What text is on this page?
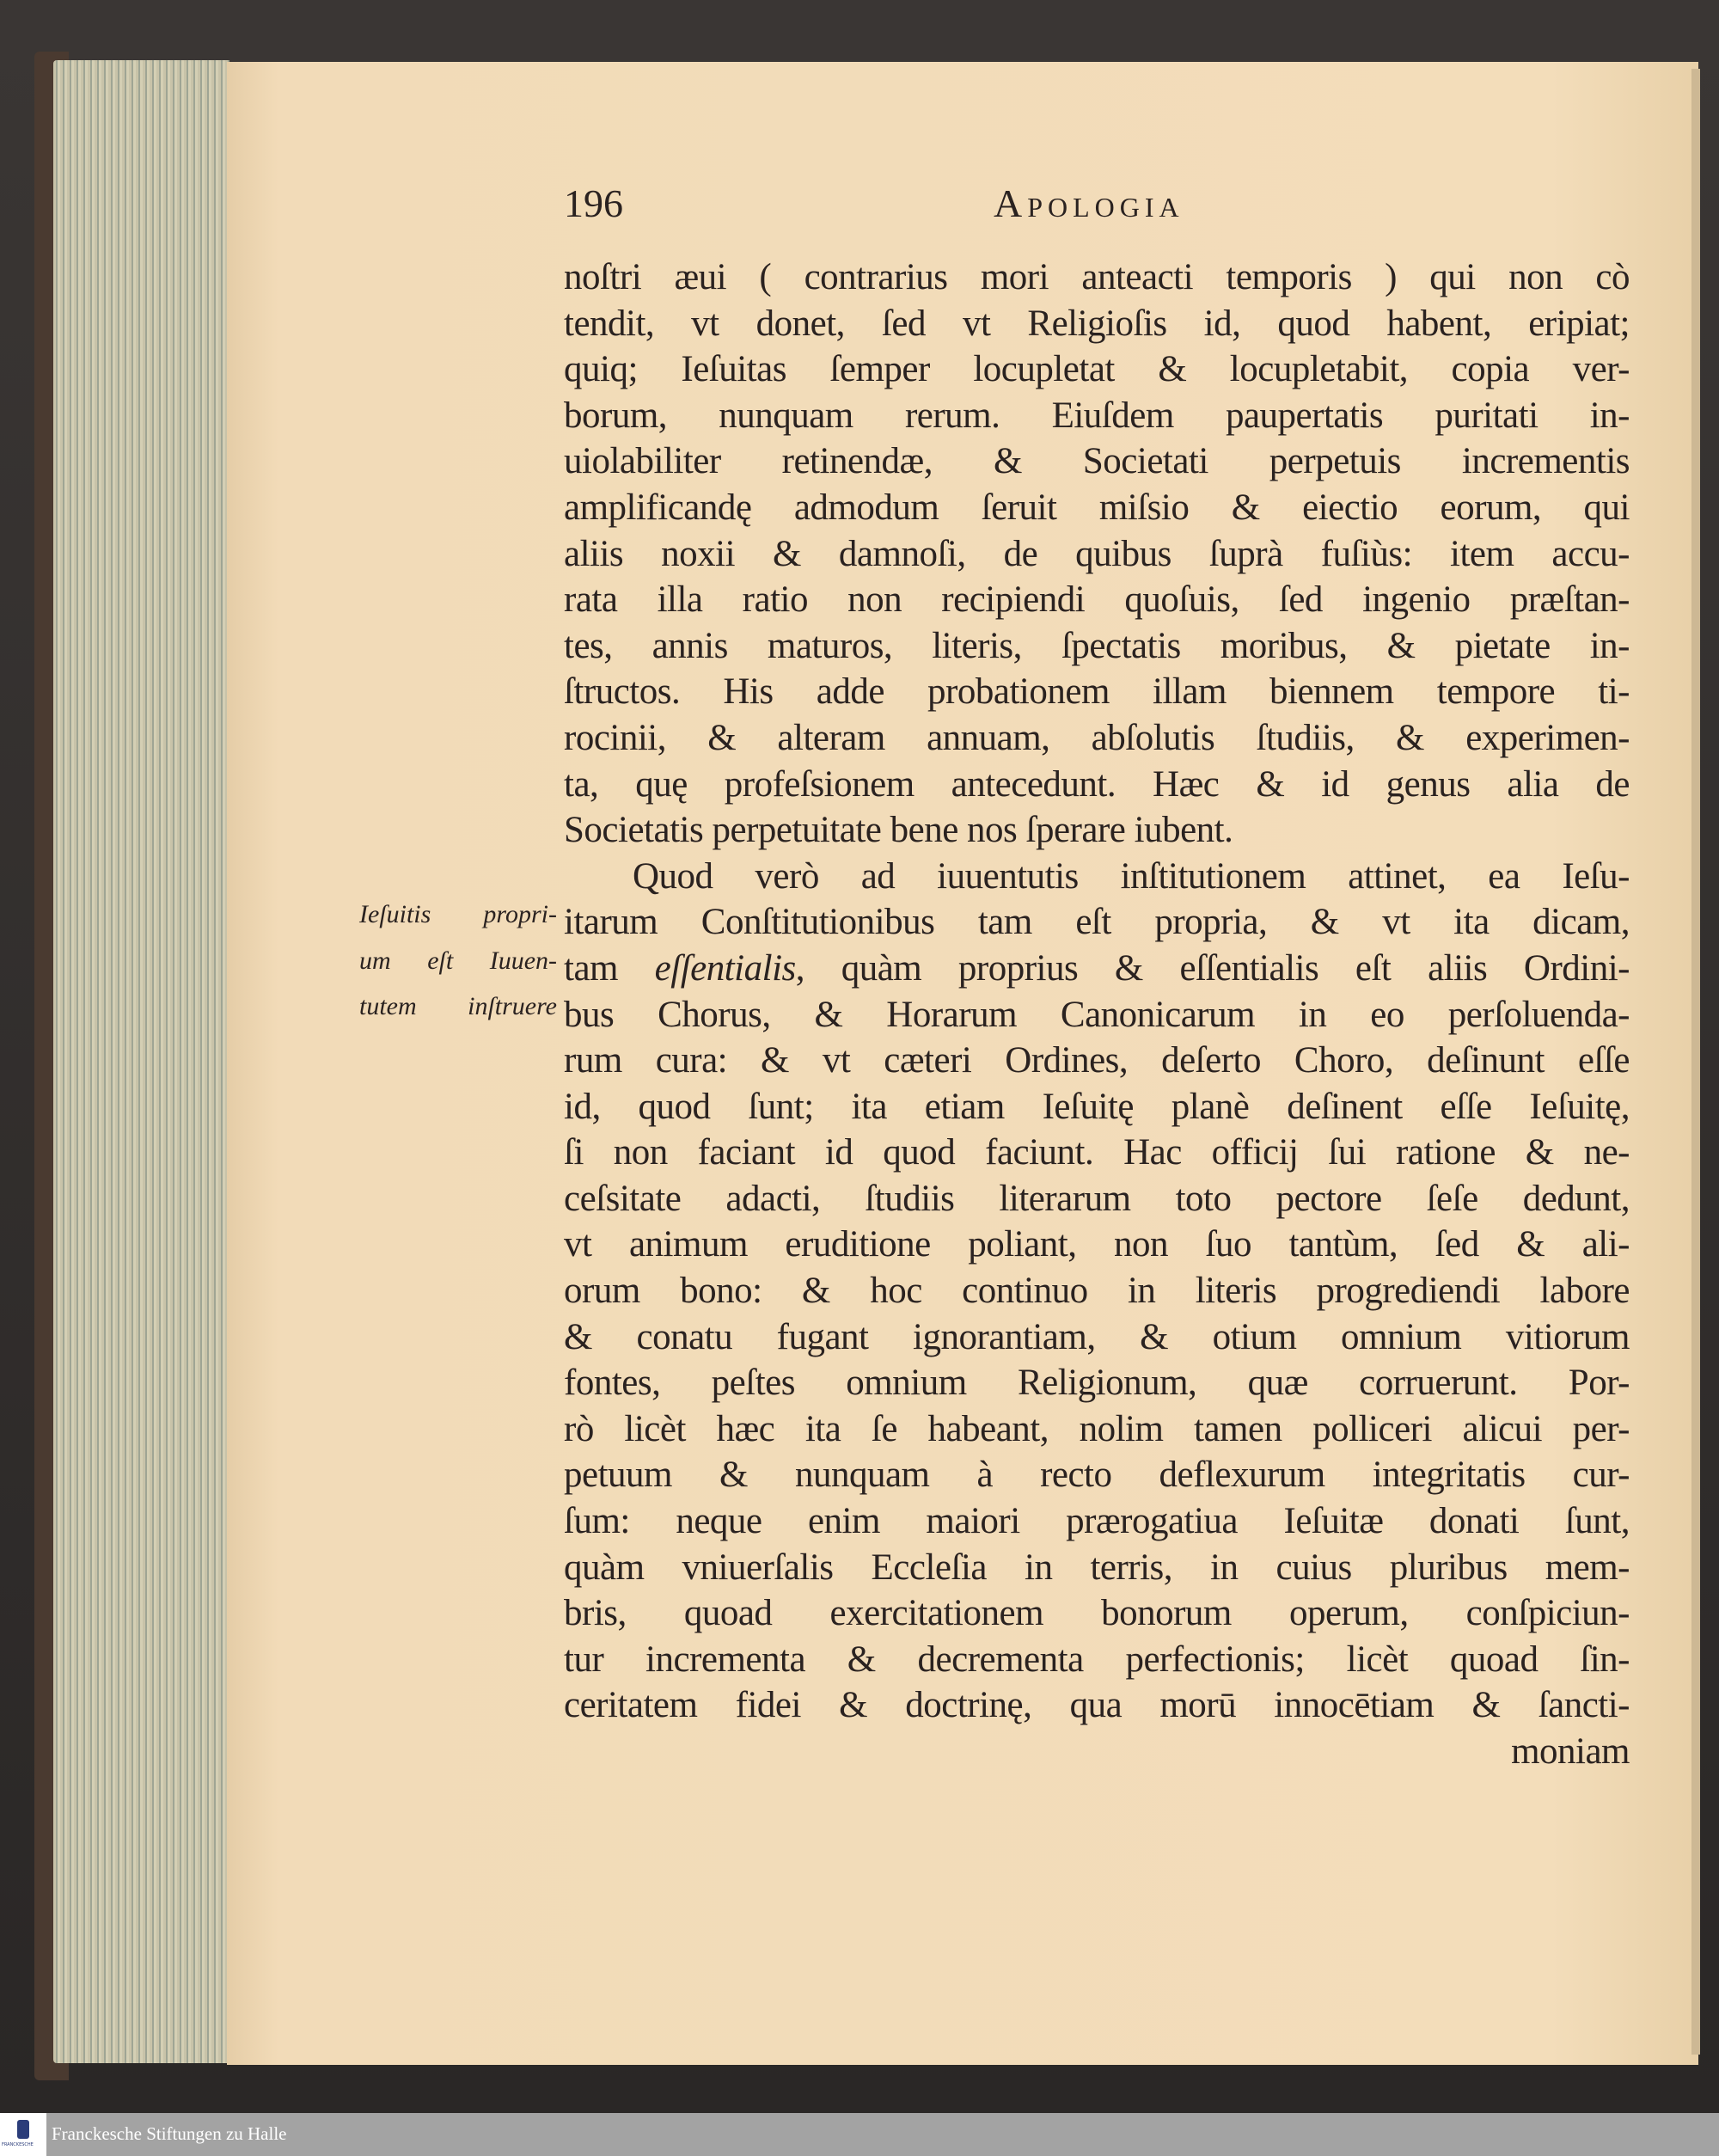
196	Apologia
Ieſuitis propri-
um eſt Iuuen-
tutem inſtruere
noſtri æui ( contrarius mori anteacti temporis ) qui non cò
tendit, vt donet, ſed vt Religioſis id, quod habent, eripiat;
quiq; Ieſuitas ſemper locupletat & locupletabit, copia ver-
borum, nunquam rerum. Eiuſdem paupertatis puritati in-
uiolabiliter retinendæ, & Societati perpetuis incrementis
amplificandę admodum ſeruit miſsio & eiectio eorum, qui
aliis noxii & damnoſi, de quibus ſuprà fuſiùs: item accu-
rata illa ratio non recipiendi quoſuis, ſed ingenio præſtan-
tes, annis maturos, literis, ſpectatis moribus, & pietate in-
ſtructos. His adde probationem illam biennem tempore ti-
rocinii, & alteram annuam, abſolutis ſtudiis, & experimen-
ta, quę profeſsionem antecedunt. Hæc & id genus alia de
Societatis perpetuitate bene nos ſperare iubent.
Quod verò ad iuuentutis inſtitutionem attinet, ea Ieſu-
itarum Conſtitutionibus tam eſt propria, & vt ita dicam,
tam eſſentialis, quàm proprius & eſſentialis eſt aliis Ordini-
bus Chorus, & Horarum Canonicarum in eo perſoluenda-
rum cura: & vt cæteri Ordines, deſerto Choro, deſinunt eſſe
id, quod ſunt; ita etiam Ieſuitę planè deſinent eſſe Ieſuitę,
ſi non faciant id quod faciunt. Hac officij ſui ratione & ne-
ceſsitate adacti, ſtudiis literarum toto pectore ſeſe dedunt,
vt animum eruditione poliant, non ſuo tantùm, ſed & ali-
orum bono: & hoc continuo in literis progrediendi labore
& conatu fugant ignorantiam, & otium omnium vitiorum
fontes, peſtes omnium Religionum, quæ corruerunt. Por-
rò licèt hæc ita ſe habeant, nolim tamen polliceri alicui per-
petuum & nunquam à recto deflexurum integritatis cur-
ſum: neque enim maiori prærogatiua Ieſuitæ donati ſunt,
quàm vniuerſalis Eccleſia in terris, in cuius pluribus mem-
bris, quoad exercitationem bonorum operum, conſpiciun-
tur incrementa & decrementa perfectionis; licèt quoad ſin-
ceritatem fidei & doctrinę, qua morū innocētiam & ſancti-
moniam
FRANCKESCHE
Franckesche Stiftungen zu Halle
